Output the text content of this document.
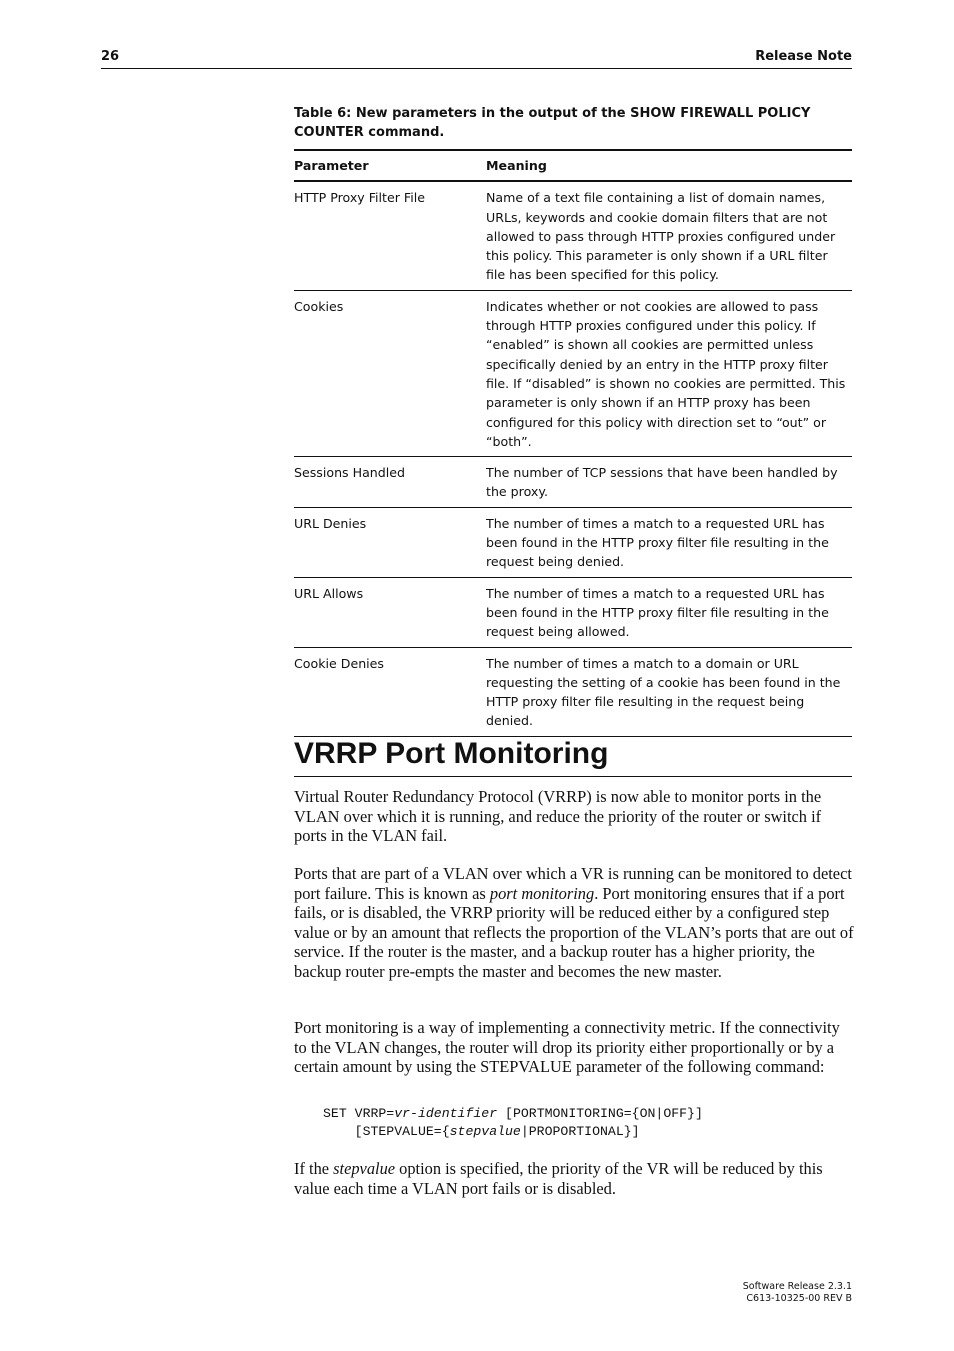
26	Release Note
Table 6: New parameters in the output of the SHOW FIREWALL POLICY COUNTER command.
Parameter	Meaning
HTTP Proxy Filter File	Name of a text file containing a list of domain names, URLs, keywords and cookie domain filters that are not allowed to pass through HTTP proxies configured under this policy. This parameter is only shown if a URL filter file has been specified for this policy.
Cookies	Indicates whether or not cookies are allowed to pass through HTTP proxies configured under this policy. If “enabled” is shown all cookies are permitted unless specifically denied by an entry in the HTTP proxy filter file. If “disabled” is shown no cookies are permitted. This parameter is only shown if an HTTP proxy has been configured for this policy with direction set to “out” or “both”.
Sessions Handled	The number of TCP sessions that have been handled by the proxy.
URL Denies	The number of times a match to a requested URL has been found in the HTTP proxy filter file resulting in the request being denied.
URL Allows	The number of times a match to a requested URL has been found in the HTTP proxy filter file resulting in the request being allowed.
Cookie Denies	The number of times a match to a domain or URL requesting the setting of a cookie has been found in the HTTP proxy filter file resulting in the request being denied.
VRRP Port Monitoring

Virtual Router Redundancy Protocol (VRRP) is now able to monitor ports in the VLAN over which it is running, and reduce the priority of the router or switch if ports in the VLAN fail.

Ports that are part of a VLAN over which a VR is running can be monitored to detect port failure. This is known as port monitoring. Port monitoring ensures that if a port fails, or is disabled, the VRRP priority will be reduced either by a configured step value or by an amount that reflects the proportion of the VLAN’s ports that are out of service. If the router is the master, and a backup router has a higher priority, the backup router pre-empts the master and becomes the new master.

Port monitoring is a way of implementing a connectivity metric. If the connectivity to the VLAN changes, the router will drop its priority either proportionally or by a certain amount by using the STEPVALUE parameter of the following command:

SET VRRP=vr-identifier [PORTMONITORING={ON|OFF}]
[STEPVALUE={stepvalue|PROPORTIONAL}]

If the stepvalue option is specified, the priority of the VR will be reduced by this value each time a VLAN port fails or is disabled.

Software Release 2.3.1
C613-10325-00 REV B
